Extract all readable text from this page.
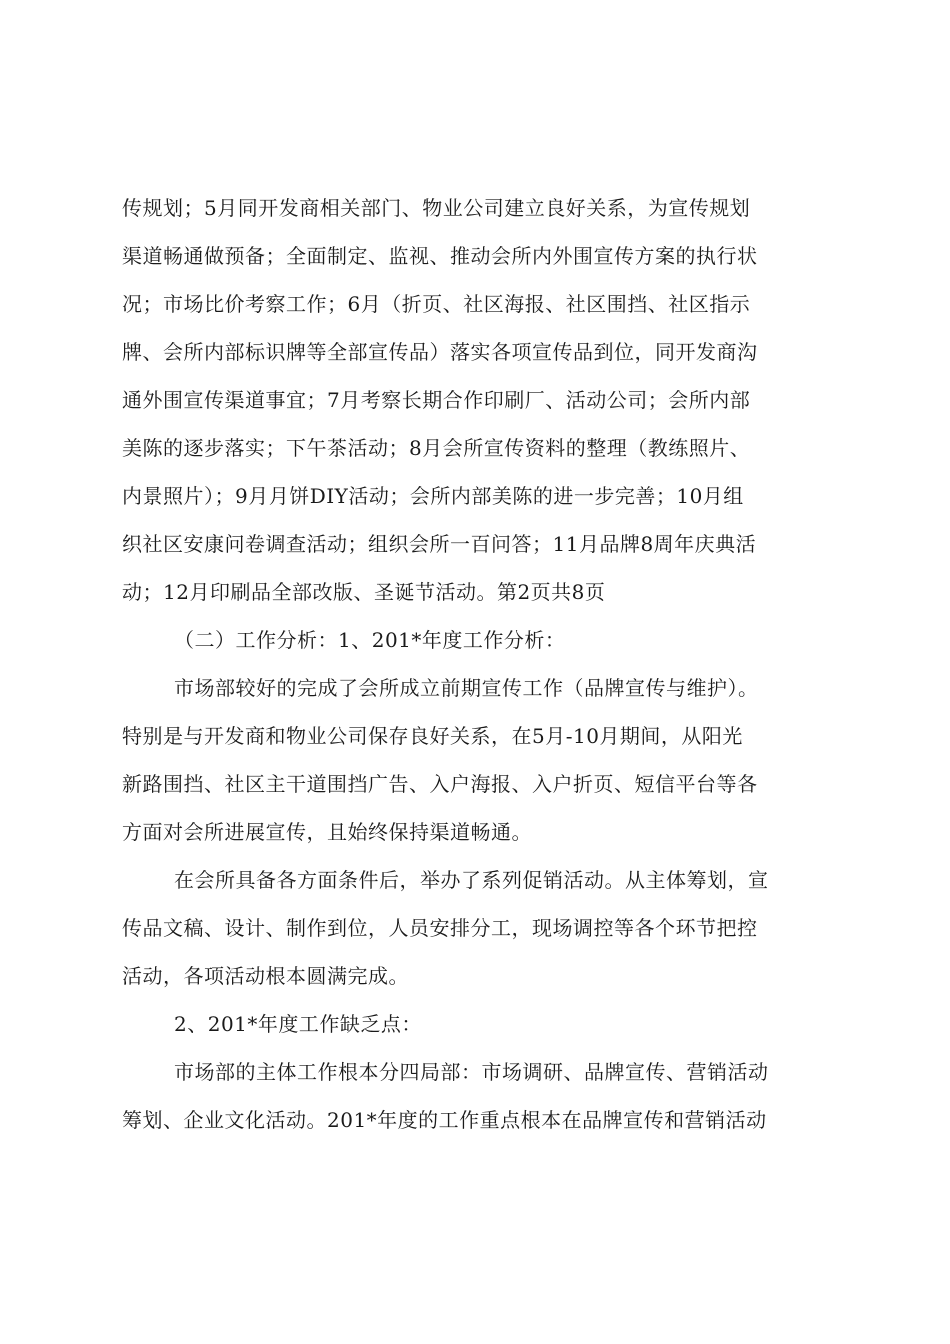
传规划；5月同开发商相关部门、物业公司建立良好关系，为宣传规划
渠道畅通做预备；全面制定、监视、推动会所内外围宣传方案的执行状
况；市场比价考察工作；6月（折页、社区海报、社区围挡、社区指示
牌、会所内部标识牌等全部宣传品）落实各项宣传品到位，同开发商沟
通外围宣传渠道事宜；7月考察长期合作印刷厂、活动公司；会所内部
美陈的逐步落实；下午茶活动；8月会所宣传资料的整理（教练照片、
内景照片）；9月月饼DIY活动；会所内部美陈的进一步完善；10月组
织社区安康问卷调查活动；组织会所一百问答；11月品牌8周年庆典活
动；12月印刷品全部改版、圣诞节活动。第2页共8页
（二）工作分析：1、201*年度工作分析：
市场部较好的完成了会所成立前期宣传工作（品牌宣传与维护）。
特别是与开发商和物业公司保存良好关系，在5月-10月期间，从阳光
新路围挡、社区主干道围挡广告、入户海报、入户折页、短信平台等各
方面对会所进展宣传，且始终保持渠道畅通。
在会所具备各方面条件后，举办了系列促销活动。从主体筹划，宣
传品文稿、设计、制作到位，人员安排分工，现场调控等各个环节把控
活动，各项活动根本圆满完成。
2、201*年度工作缺乏点：
市场部的主体工作根本分四局部：市场调研、品牌宣传、营销活动
筹划、企业文化活动。201*年度的工作重点根本在品牌宣传和营销活动
